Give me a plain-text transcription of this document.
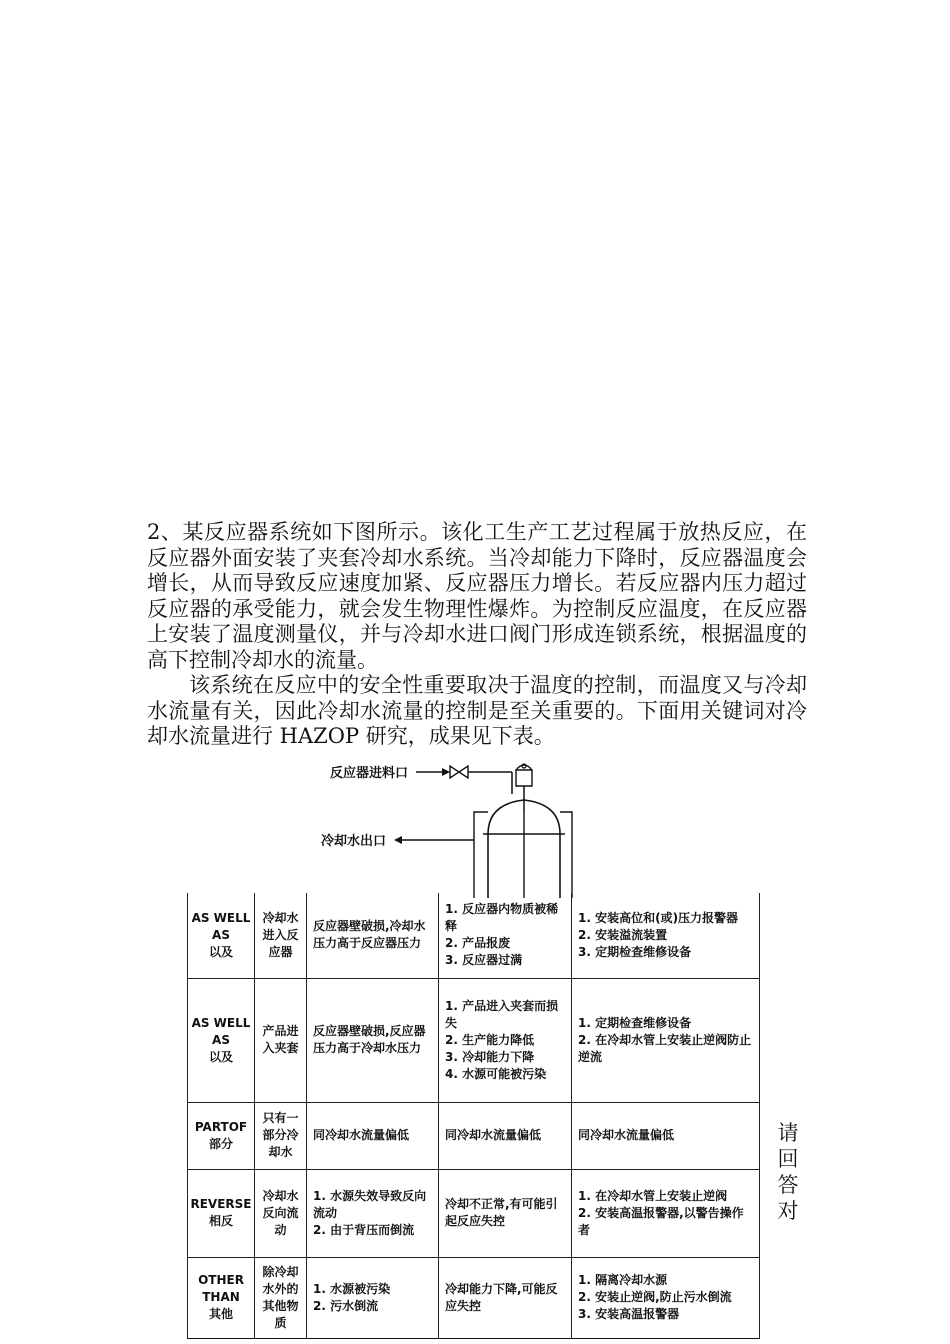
2、某反应器系统如下图所示。该化工生产工艺过程属于放热反应，在反应器外面安装了夹套冷却水系统。当冷却能力下降时，反应器温度会增长，从而导致反应速度加紧、反应器压力增长。若反应器内压力超过反应器的承受能力，就会发生物理性爆炸。为控制反应温度，在反应器上安装了温度测量仪，并与冷却水进口阀门形成连锁系统，根据温度的高下控制冷却水的流量。

该系统在反应中的安全性重要取决于温度的控制，而温度又与冷却水流量有关，因此冷却水流量的控制是至关重要的。下面用关键词对冷却水流量进行 HAZOP 研究，成果见下表。

反应器进料口
冷却水出口
AS WELL
AS
以及	冷却水
进入反
应器	反应器壁破损,冷却水压力高于反应器压力	1. 反应器内物质被稀释
2. 产品报废
3. 反应器过满	1. 安装高位和(或)压力报警器
2. 安装溢流装置
3. 定期检查维修设备

AS WELL
AS
以及	产品进
入夹套	反应器壁破损,反应器压力高于冷却水压力	1. 产品进入夹套而损失
2. 生产能力降低
3. 冷却能力下降
4. 水源可能被污染	1. 定期检查维修设备
2. 在冷却水管上安装止逆阀防止逆流

PARTOF
部分	只有一
部分冷
却水	同冷却水流量偏低	同冷却水流量偏低	同冷却水流量偏低

REVERSE
相反	冷却水
反向流
动	1. 水源失效导致反向流动
2. 由于背压而倒流	冷却不正常,有可能引起反应失控	1. 在冷却水管上安装止逆阀
2. 安装高温报警器,以警告操作者

OTHER
THAN
其他	除冷却
水外的
其他物
质	1. 水源被污染
2. 污水倒流	冷却能力下降,可能反应失控	1. 隔离冷却水源
2. 安装止逆阀,防止污水倒流
3. 安装高温报警器
请
回
答
对
